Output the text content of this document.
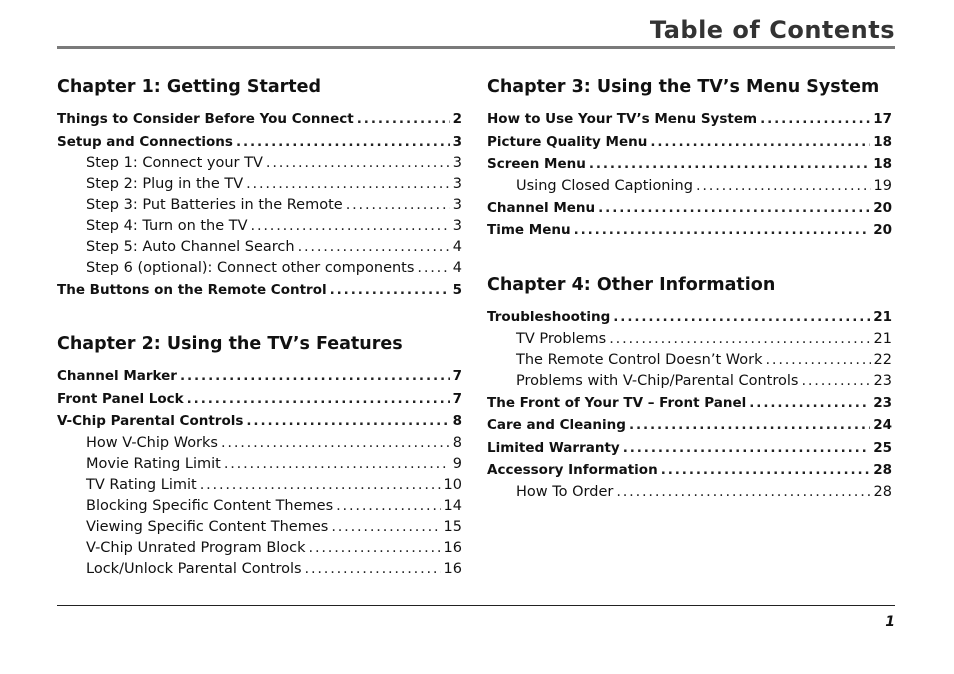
Table of Contents
Chapter 1: Getting Started
Things to Consider Before You Connect . . .	2
Setup and Connections . . .	3
Step 1: Connect your TV . . .	3
Step 2: Plug in the TV . . .	3
Step 3: Put Batteries in the Remote . . .	3
Step 4: Turn on the TV . . .	3
Step 5: Auto Channel Search . . .	4
Step 6 (optional): Connect other components . . .	4
The Buttons on the Remote Control . . .	5
Chapter 2: Using the TV’s Features
Channel Marker . . .	7
Front Panel Lock . . .	7
V-Chip Parental Controls . . .	8
How V-Chip Works . . .	8
Movie Rating Limit . . .	9
TV Rating Limit . . .	10
Blocking Specific Content Themes . . .	14
Viewing Specific Content Themes . . .	15
V-Chip Unrated Program Block . . .	16
Lock/Unlock Parental Controls . . .	16
Chapter 3: Using the TV’s Menu System
How to Use Your TV’s Menu System . . .	17
Picture Quality Menu . . .	18
Screen Menu . . .	18
Using Closed Captioning . . .	19
Channel Menu . . .	20
Time Menu . . .	20
Chapter 4: Other Information
Troubleshooting . . .	21
TV Problems . . .	21
The Remote Control Doesn’t Work . . .	22
Problems with V-Chip/Parental Controls . . .	23
The Front of Your TV – Front Panel . . .	23
Care and Cleaning . . .	24
Limited Warranty . . .	25
Accessory Information . . .	28
How To Order . . .	28
1
